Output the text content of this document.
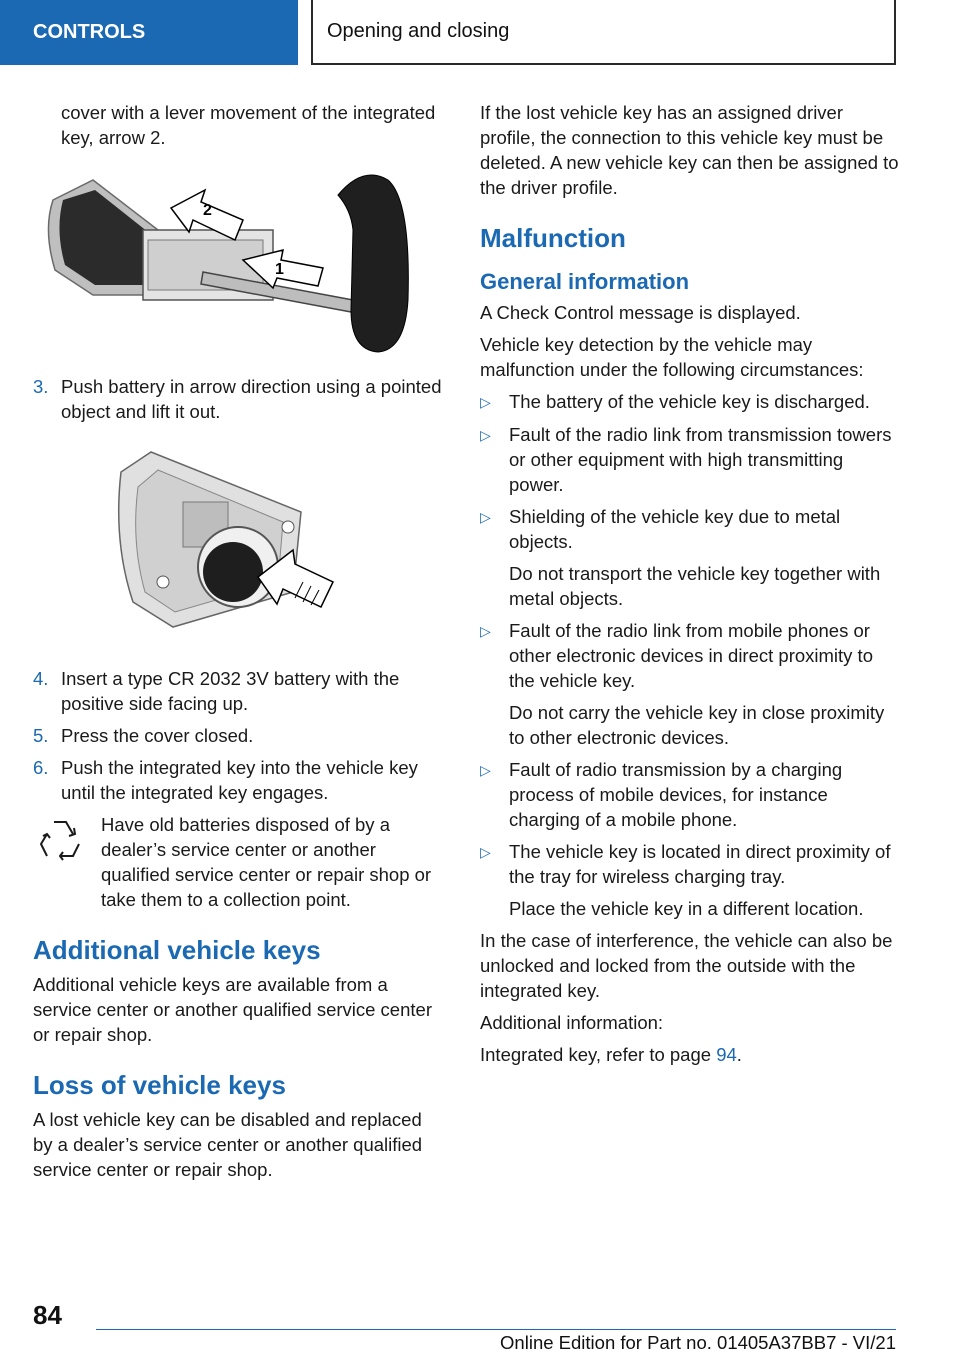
CONTROLS	Opening and closing

cover with a lever movement of the integrated key, arrow 2.

2
1
3. Push battery in arrow direction using a pointed object and lift it out.
4. Insert a type CR 2032 3V battery with the positive side facing up.
5. Press the cover closed.
6. Push the integrated key into the vehicle key until the integrated key engages.

Have old batteries disposed of by a dealer’s service center or another qualified service center or repair shop or take them to a collection point.

Additional vehicle keys

Additional vehicle keys are available from a service center or another qualified service center or repair shop.

Loss of vehicle keys

A lost vehicle key can be disabled and replaced by a dealer’s service center or another qualified service center or repair shop.

If the lost vehicle key has an assigned driver profile, the connection to this vehicle key must be deleted. A new vehicle key can then be assigned to the driver profile.

Malfunction
General information

A Check Control message is displayed.

Vehicle key detection by the vehicle may malfunction under the following circumstances:

▷ The battery of the vehicle key is discharged.

▷ Fault of the radio link from transmission towers or other equipment with high transmitting power.

▷ Shielding of the vehicle key due to metal objects.

Do not transport the vehicle key together with metal objects.

▷ Fault of the radio link from mobile phones or other electronic devices in direct proximity to the vehicle key.

Do not carry the vehicle key in close proximity to other electronic devices.

▷ Fault of radio transmission by a charging process of mobile devices, for instance charging of a mobile phone.

▷ The vehicle key is located in direct proximity of the tray for wireless charging tray.

Place the vehicle key in a different location.

In the case of interference, the vehicle can also be unlocked and locked from the outside with the integrated key.

Additional information:

Integrated key, refer to page 94.

84
Online Edition for Part no. 01405A37BB7 - VI/21
